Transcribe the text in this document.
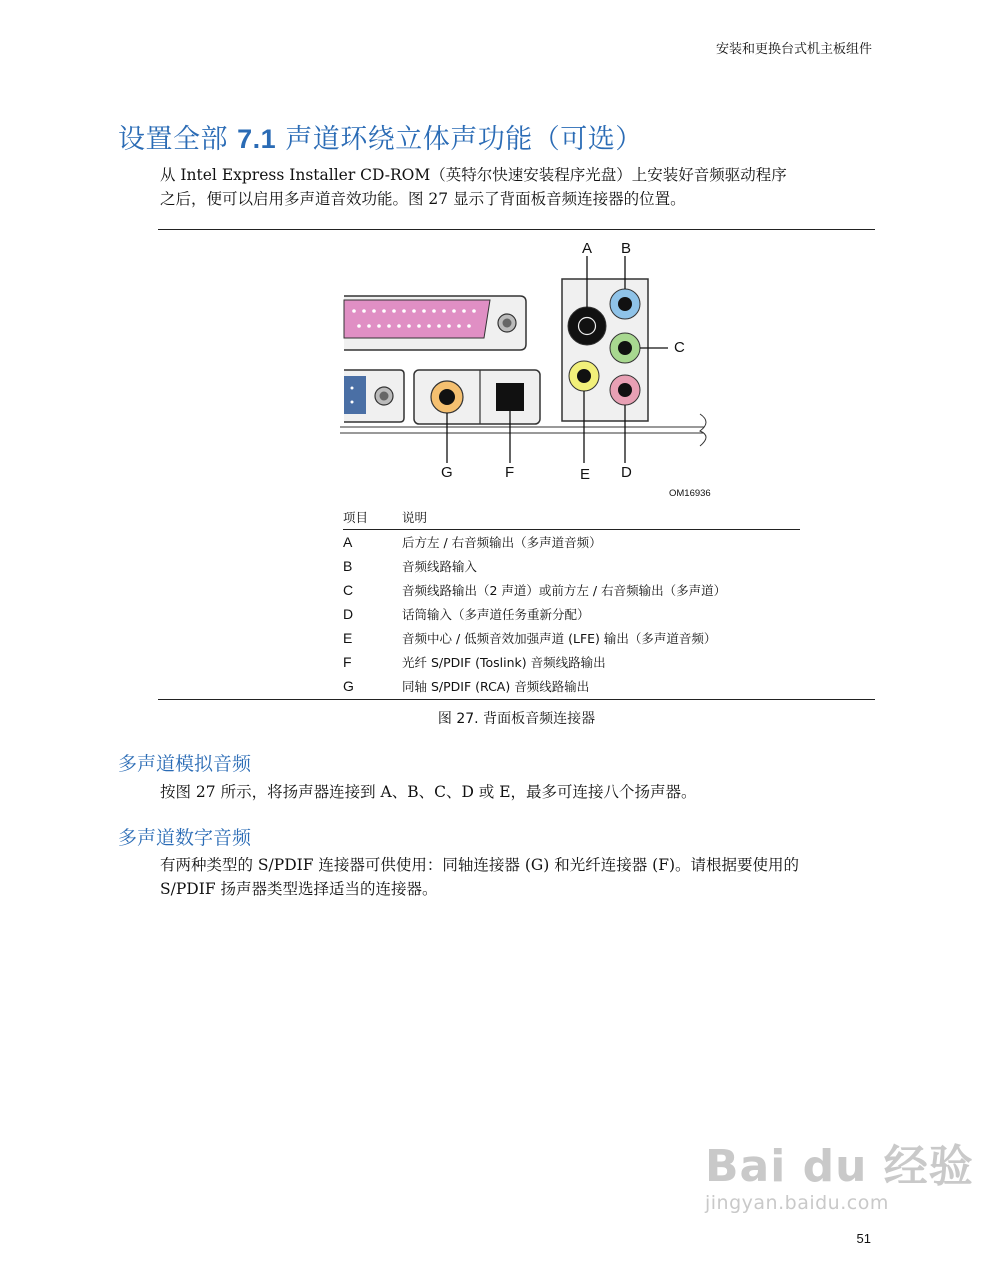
安装和更换台式机主板组件
设置全部 7.1 声道环绕立体声功能（可选）
从 Intel Express Installer CD-ROM（英特尔快速安装程序光盘）上安装好音频驱动程序
之后，便可以启用多声道音效功能。图 27 显示了背面板音频连接器的位置。
A B
C
G	F	E D
OM16936
项目	说明
A	后方左 / 右音频输出（多声道音频）
B	音频线路输入
C	音频线路输出（2 声道）或前方左 / 右音频输出（多声道）
D	话筒输入（多声道任务重新分配）
E	音频中心 / 低频音效加强声道 (LFE) 输出（多声道音频）
F	光纤 S/PDIF (Toslink) 音频线路输出
G	同轴 S/PDIF (RCA) 音频线路输出
图 27. 背面板音频连接器
多声道模拟音频
按图 27 所示，将扬声器连接到 A、B、C、D 或 E，最多可连接八个扬声器。
多声道数字音频
有两种类型的 S/PDIF 连接器可供使用：同轴连接器 (G) 和光纤连接器 (F)。请根据要使用的
S/PDIF 扬声器类型选择适当的连接器。
Bai du 经验
jingyan.baidu.com
51
